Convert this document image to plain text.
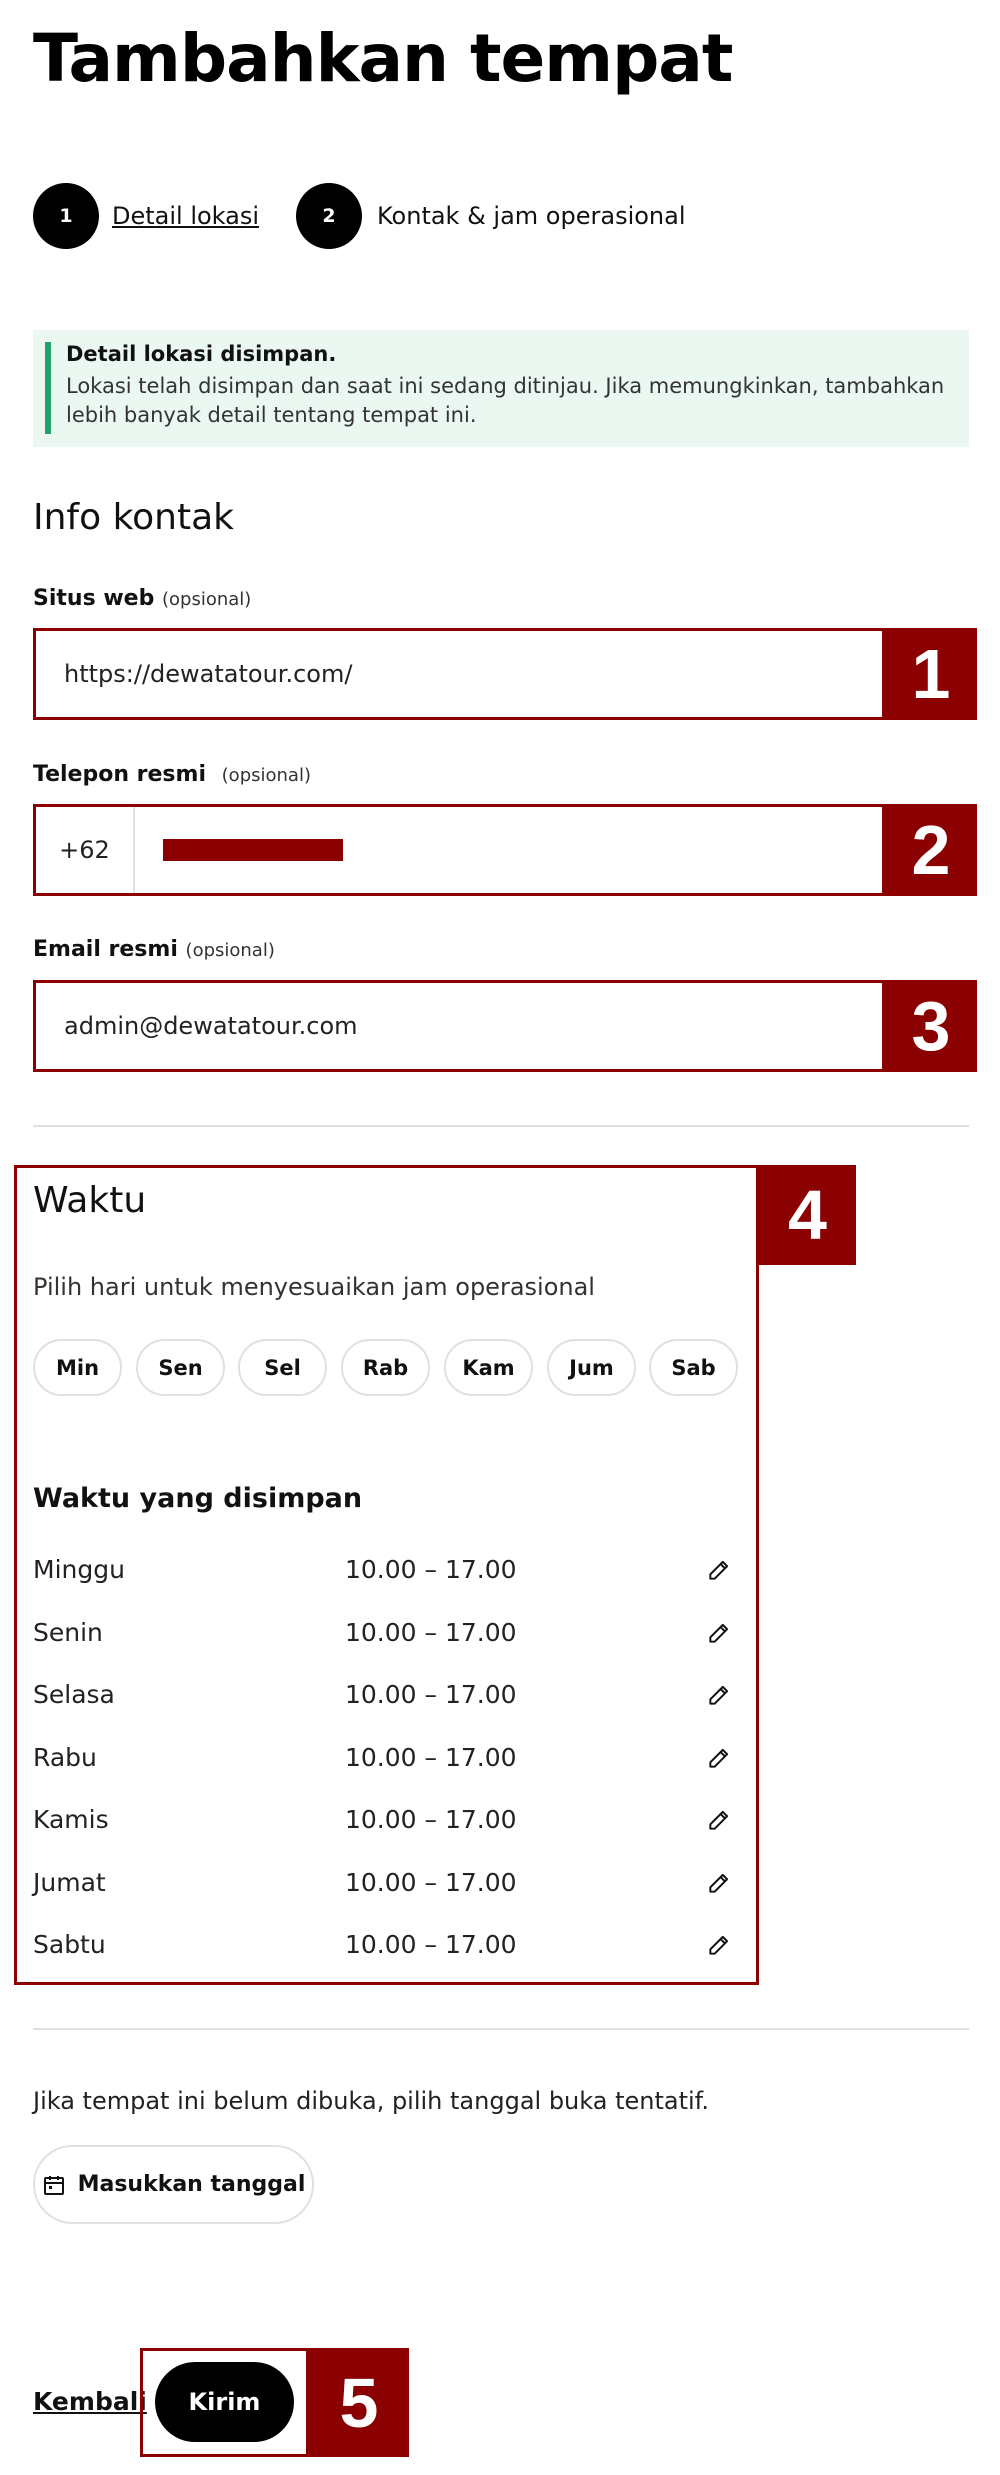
Tambahkan tempat
1	Detail lokasi	2	Kontak & jam operasional
Detail lokasi disimpan.
Lokasi telah disimpan dan saat ini sedang ditinjau. Jika memungkinkan, tambahkan lebih banyak detail tentang tempat ini.
Info kontak
Situs web (opsional)
https://dewatatour.com/	1
Telepon resmi (opsional)
+62	2
Email resmi (opsional)
admin@dewatatour.com	3
4
Waktu
Pilih hari untuk menyesuaikan jam operasional
Min	Sen	Sel	Rab	Kam	Jum	Sab
Waktu yang disimpan
Minggu	10.00 – 17.00
Senin	10.00 – 17.00
Selasa	10.00 – 17.00
Rabu	10.00 – 17.00
Kamis	10.00 – 17.00
Jumat	10.00 – 17.00
Sabtu	10.00 – 17.00
Jika tempat ini belum dibuka, pilih tanggal buka tentatif.
Masukkan tanggal
Kembali	Kirim	5
